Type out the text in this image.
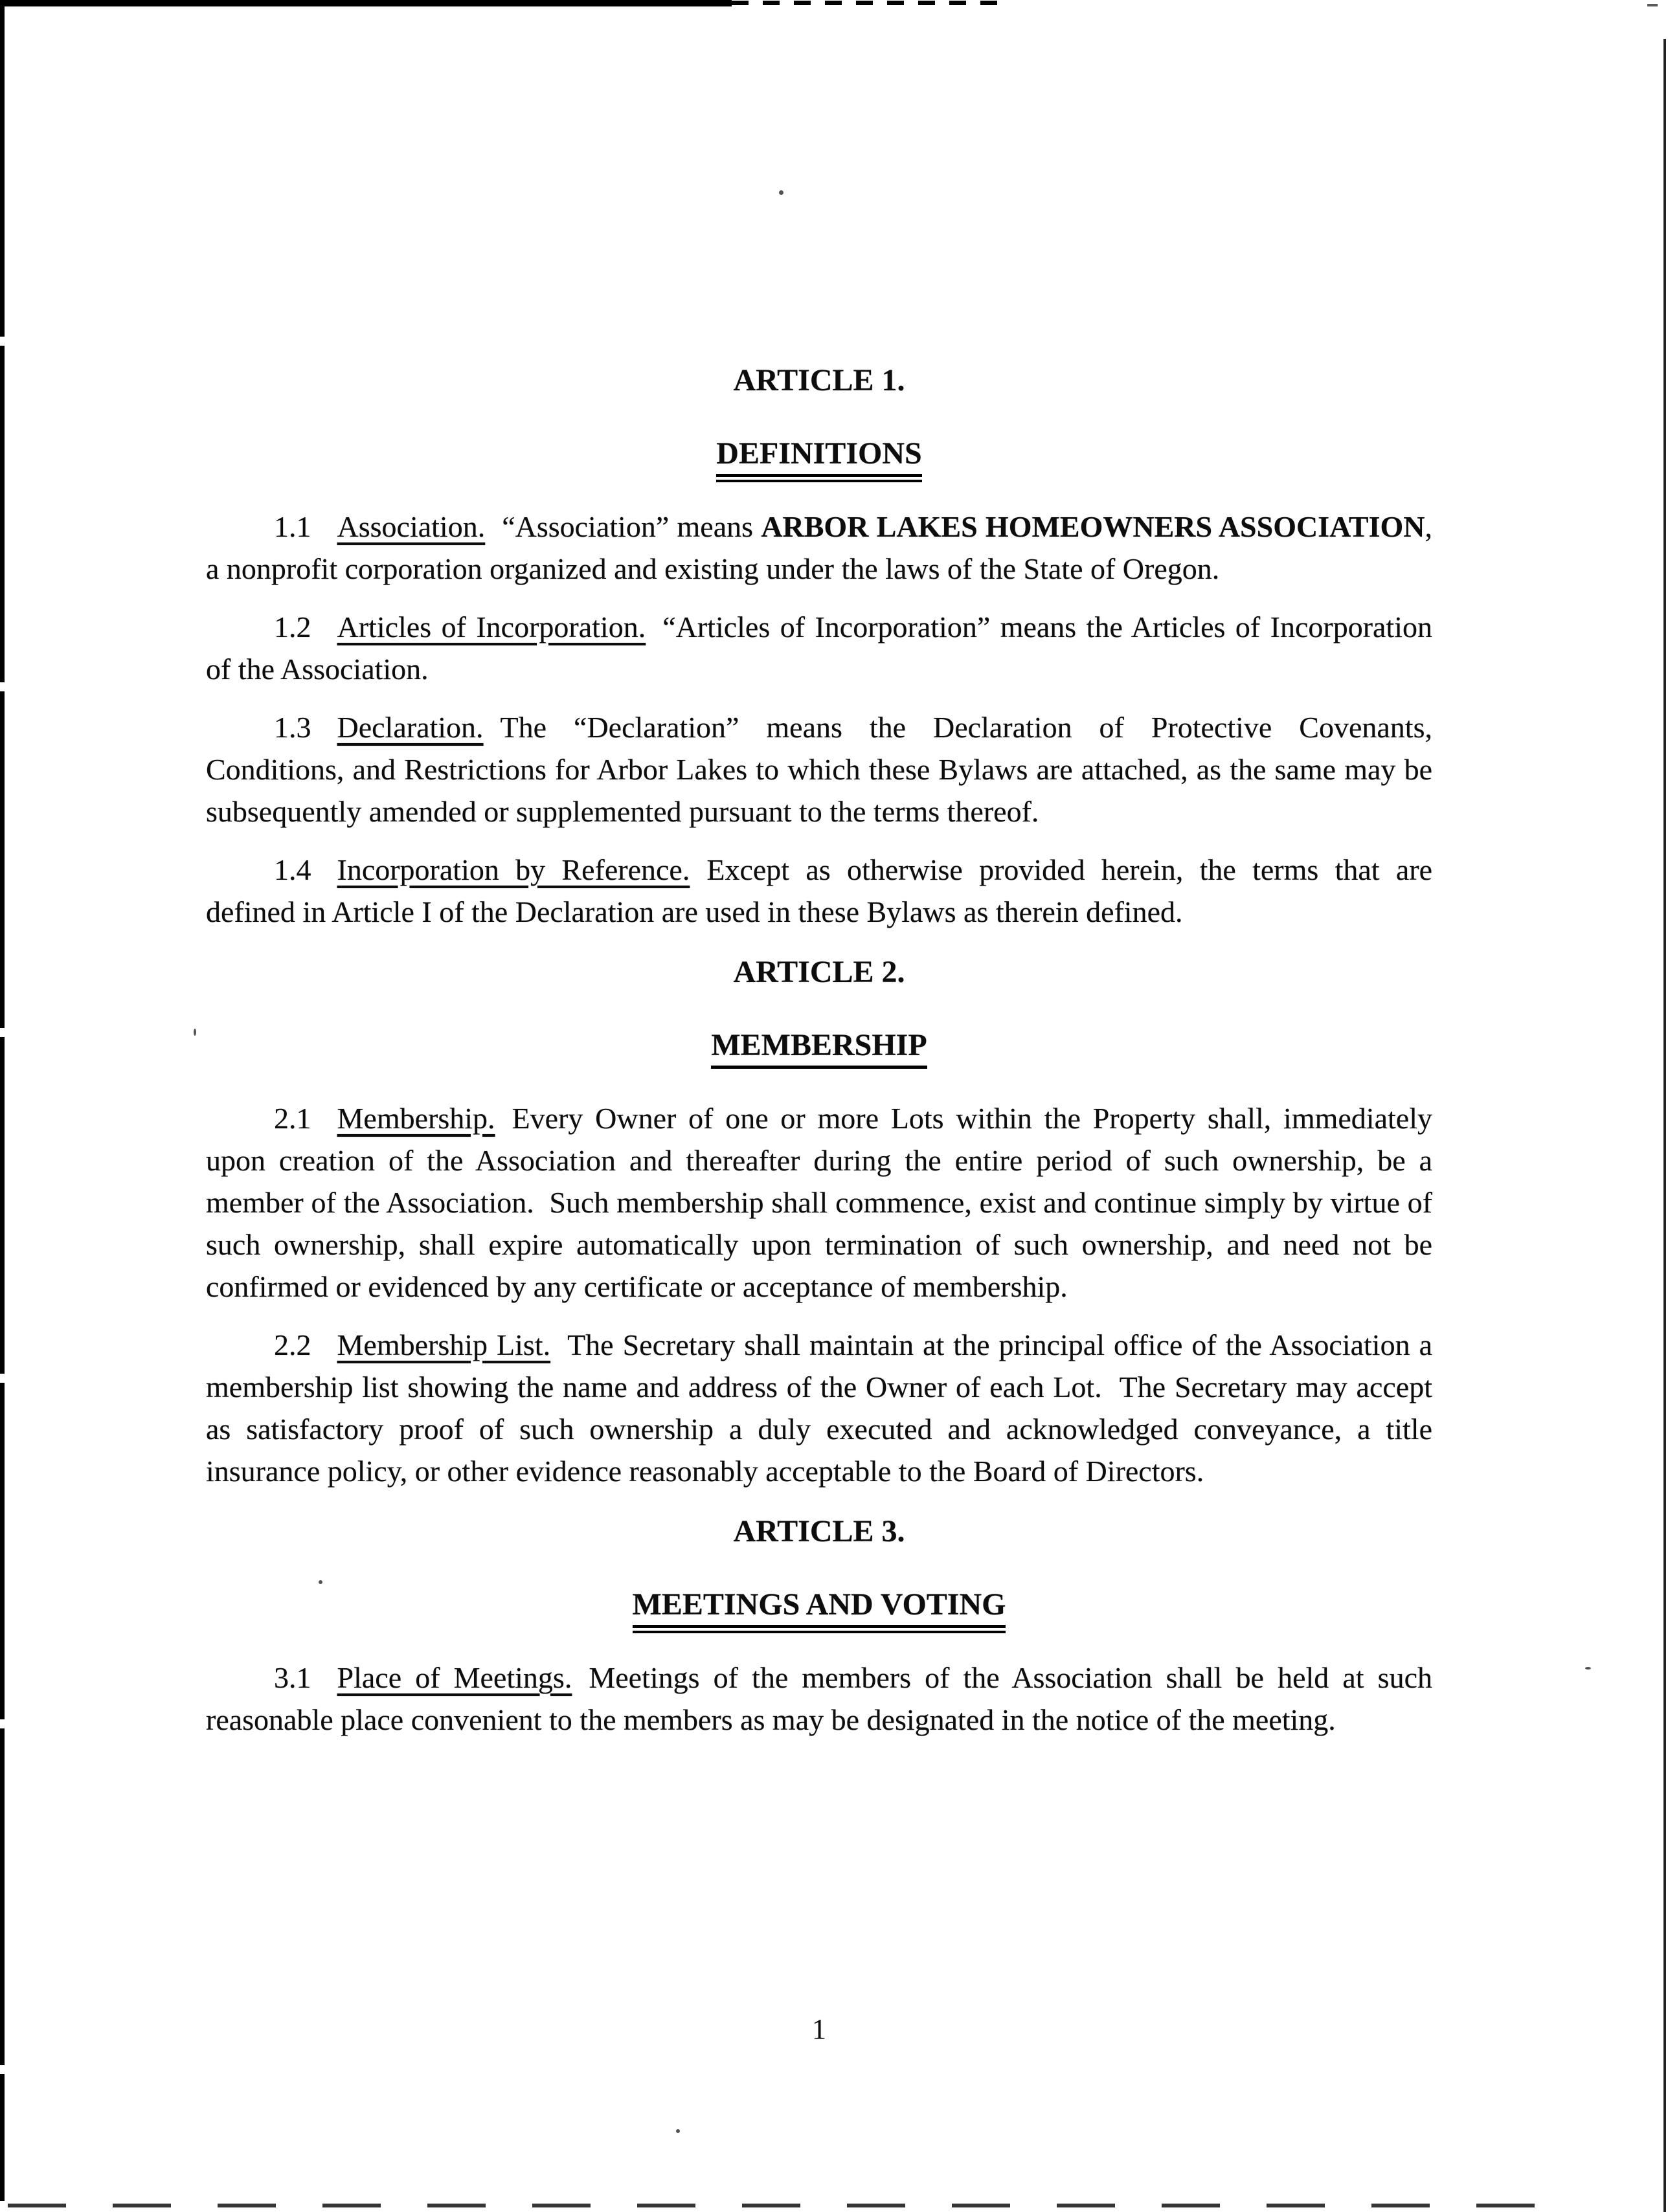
ARTICLE 1.
DEFINITIONS

1.1 Association. “Association” means ARBOR LAKES HOMEOWNERS ASSOCIATION, a nonprofit corporation organized and existing under the laws of the State of Oregon.

1.2 Articles of Incorporation. “Articles of Incorporation” means the Articles of Incorporation of the Association.

1.3 Declaration. The “Declaration” means the Declaration of Protective Covenants, Conditions, and Restrictions for Arbor Lakes to which these Bylaws are attached, as the same may be subsequently amended or supplemented pursuant to the terms thereof.

1.4 Incorporation by Reference. Except as otherwise provided herein, the terms that are defined in Article I of the Declaration are used in these Bylaws as therein defined.

ARTICLE 2.
MEMBERSHIP

2.1 Membership. Every Owner of one or more Lots within the Property shall, immediately upon creation of the Association and thereafter during the entire period of such ownership, be a member of the Association.  Such membership shall commence, exist and continue simply by virtue of such ownership, shall expire automatically upon termination of such ownership, and need not be confirmed or evidenced by any certificate or acceptance of membership.

2.2 Membership List. The Secretary shall maintain at the principal office of the Association a membership list showing the name and address of the Owner of each Lot.  The Secretary may accept as satisfactory proof of such ownership a duly executed and acknowledged conveyance, a title insurance policy, or other evidence reasonably acceptable to the Board of Directors.

ARTICLE 3.
MEETINGS AND VOTING

3.1 Place of Meetings. Meetings of the members of the Association shall be held at such reasonable place convenient to the members as may be designated in the notice of the meeting.

1
